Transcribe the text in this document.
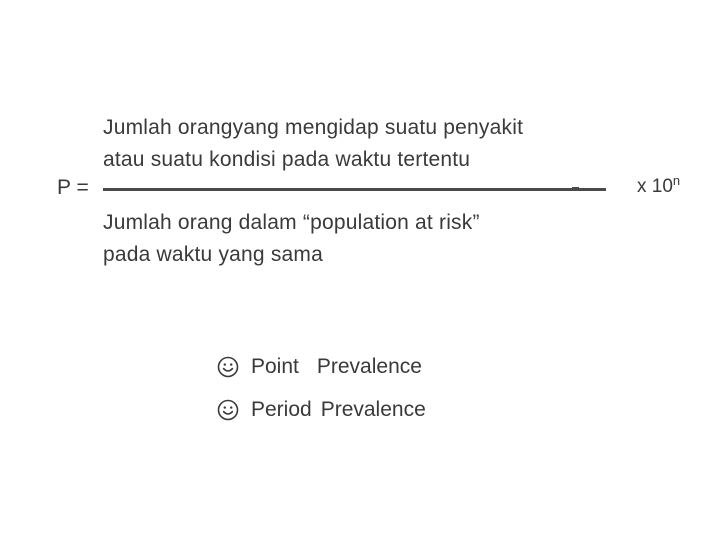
Jumlah orangyang mengidap suatu penyakit
atau suatu kondisi pada waktu tertentu
P =	x 10$^n$
Jumlah orang dalam “population at risk”
pada waktu yang sama
Point Prevalence
Period Prevalence
